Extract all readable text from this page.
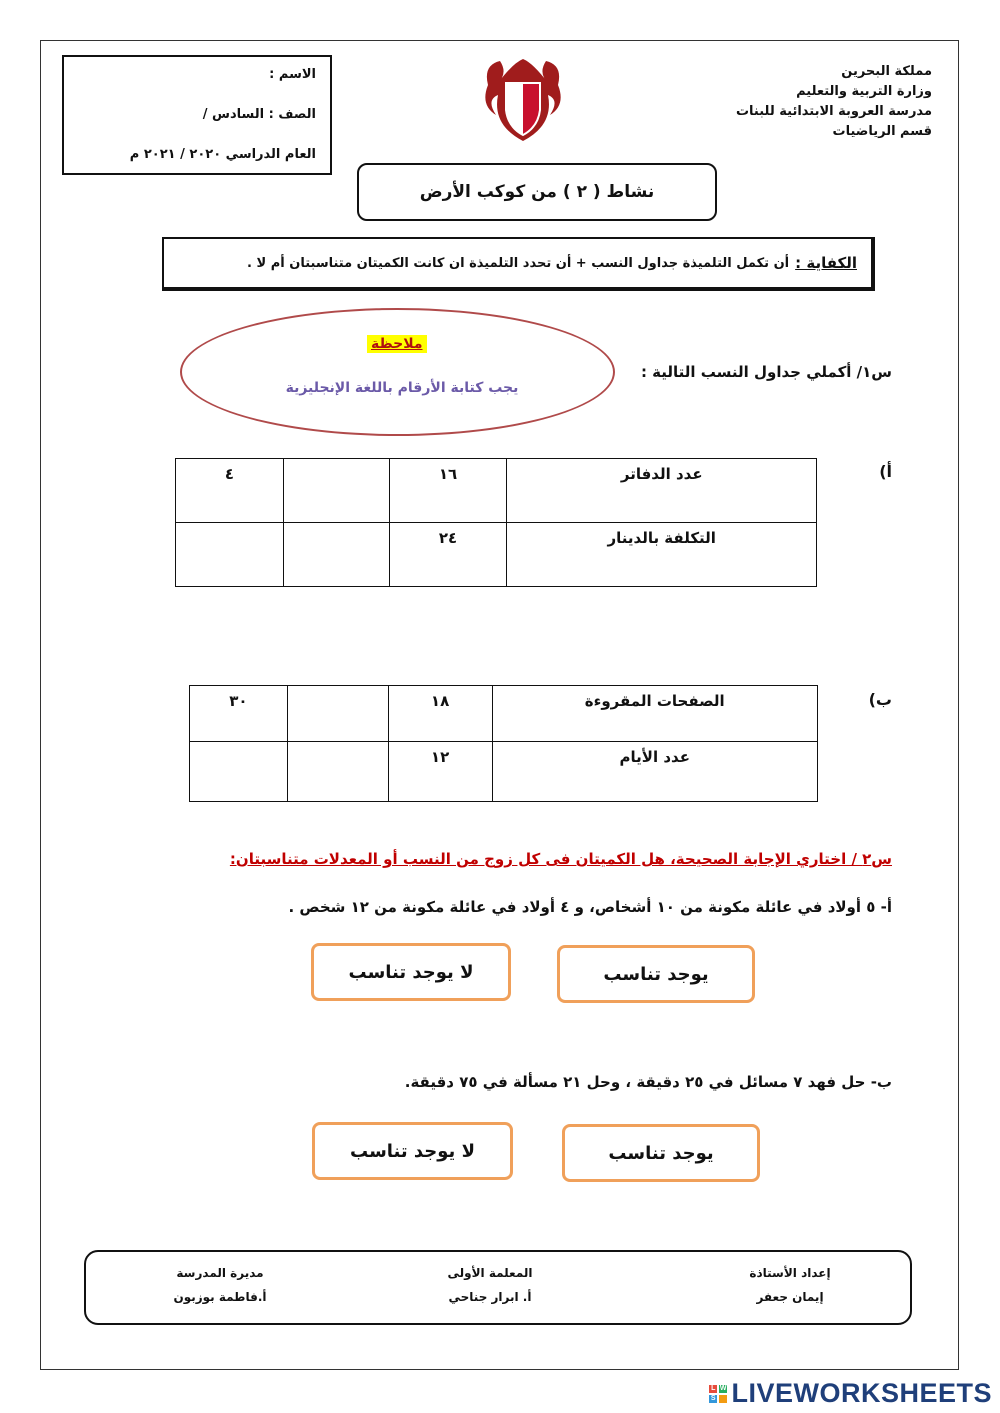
الاسم :
الصف : السادس /
العام الدراسي ٢٠٢٠ / ٢٠٢١ م
مملكة البحرين
وزارة التربية والتعليم
مدرسة العروبة الابتدائية للبنات
قسم الرياضيات
نشاط ( ٢ ) من كوكب الأرض
الكفاية :
أن تكمل التلميذة جداول النسب + أن تحدد التلميذة ان كانت الكميتان متناسبتان أم لا .
ملاحظة
يجب كتابة الأرقام باللغة الإنجليزية
س١/ أكملي جداول النسب التالية :
أ)
عدد الدفاتر	١٦		٤
التكلفة بالدينار	٢٤		
ب)
الصفحات المقروءة	١٨		٣٠
عدد الأيام	١٢		
س٢ / اختاري الإجابة الصحيحة، هل الكميتان فى كل زوج من النسب أو المعدلات متناسبتان:
أ- ٥ أولاد في عائلة مكونة من ١٠ أشخاص، و ٤ أولاد في عائلة مكونة من ١٢ شخص .
يوجد تناسب
لا يوجد تناسب
ب- حل فهد ٧ مسائل في ٢٥ دقيقة ، وحل ٢١ مسألة في ٧٥ دقيقة.
يوجد تناسب
لا يوجد تناسب
إعداد الأستاذة
إيمان جعفر
المعلمة الأولى
أ. ابرار جناحي
مديرة المدرسة
أ.فاطمة بوزبون
L W
S LIVEWORKSHEETS
